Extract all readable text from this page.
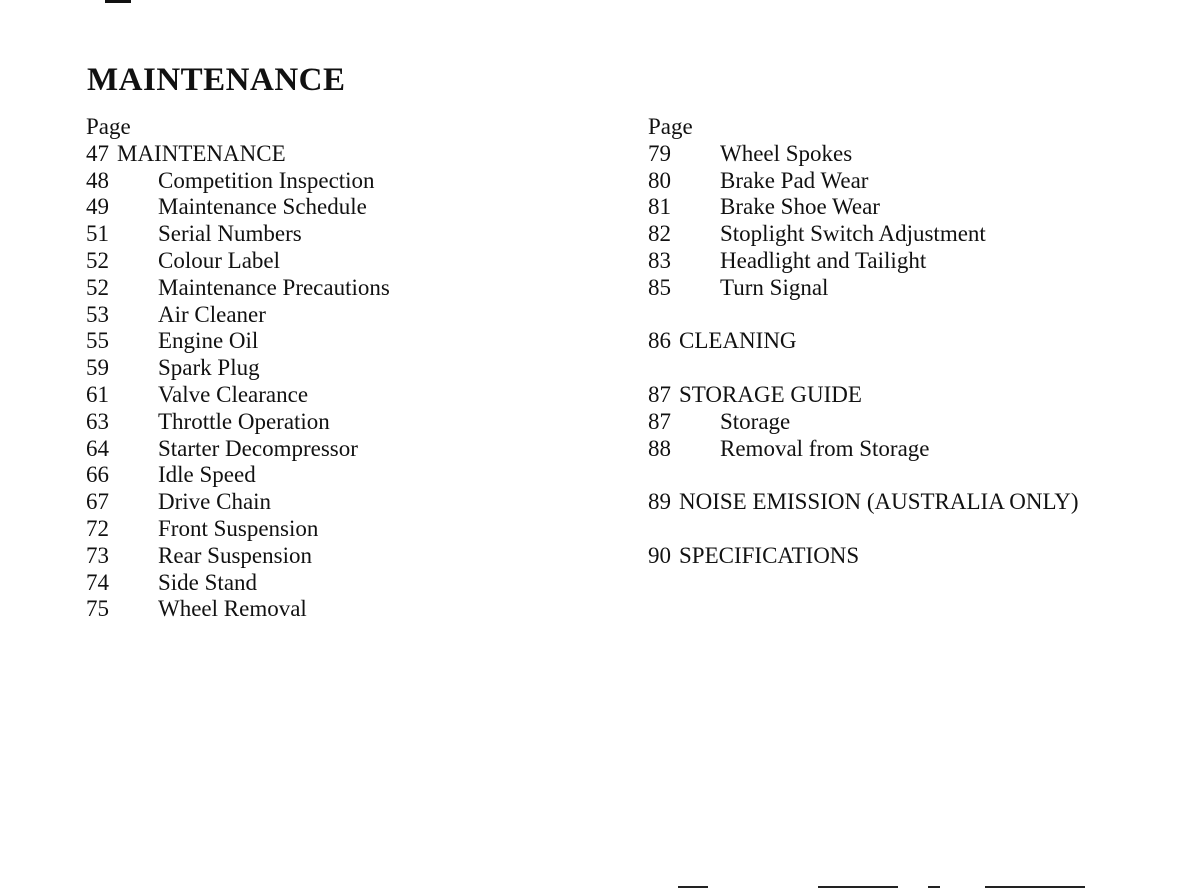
MAINTENANCE
Page
47 MAINTENANCE
48 Competition Inspection
49 Maintenance Schedule
51 Serial Numbers
52 Colour Label
52 Maintenance Precautions
53 Air Cleaner
55 Engine Oil
59 Spark Plug
61 Valve Clearance
63 Throttle Operation
64 Starter Decompressor
66 Idle Speed
67 Drive Chain
72 Front Suspension
73 Rear Suspension
74 Side Stand
75 Wheel Removal
Page
79 Wheel Spokes
80 Brake Pad Wear
81 Brake Shoe Wear
82 Stoplight Switch Adjustment
83 Headlight and Tailight
85 Turn Signal
86 CLEANING
87 STORAGE GUIDE
87 Storage
88 Removal from Storage
89 NOISE EMISSION (AUSTRALIA ONLY)
90 SPECIFICATIONS
